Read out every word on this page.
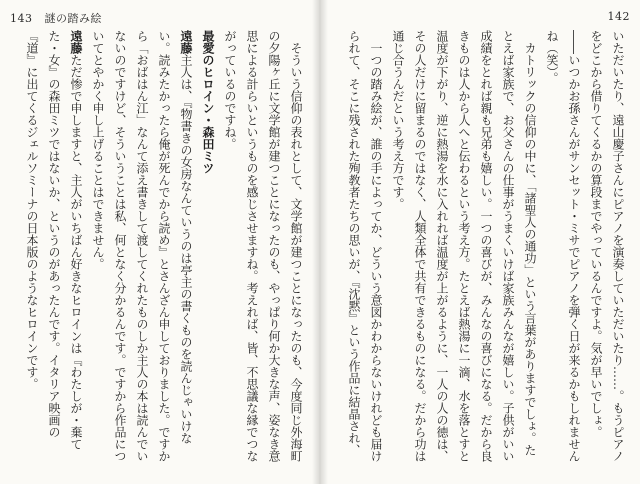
143 謎の踏み絵

そういう信仰の表れとして、文学館が建つことになったのも、今度同じ外海町の夕陽ヶ丘に文学館が建つことになったのも、やっぱり何か大きな声、姿なき意思による計らいというものを感じさせますね。考えれば、皆、不思議な縁でつながっているのですね。

最愛のヒロイン・森田ミツ

遠藤主人は、『物書きの女房なんていうのは亭主の書くものを読んじゃいけない。読みたかったら俺が死んでから読め』とさんざん申しておりました。ですから「おばはん江」なんて添え書きして渡してくれたものしか主人の本は読んでいないのですけど、そういうことは私、何となく分かるんです。ですから作品についてとやかく申し上げることはできません。

遠藤ただ惨で申しますと、主人がいちばん好きなヒロインは『わたしが・棄てた・女』の森田ミツではないか、というのがあったんです。イタリア映画の『道』に出てくるジェルソミーナの日本版のようなヒロインです。

142

いただいたり、遠山慶子さんにピアノを演奏していただいたり……。もうピアノをどこから借りてくるかの算段までやっているんですよ。気が早いでしょ。

――いつかお孫さんがサンセット・ミサでピアノを弾く日が来るかもしれませんね（笑）。

カトリックの信仰の中に、「諸聖人の通功」という言葉がありますでしょ。たとえば家族で、お父さんの仕事がうまくいけば家族みんなが嬉しい。子供がいい成績をとれば親も兄弟も嬉しい。一つの喜びが、みんなの喜びになる。だから良きものは人から人へと伝わるという考え方。たとえば熱湯に一滴、水を落とすと温度が下がり、逆に熱湯を水に入れれば温度が上がるように、一人の人の徳は、その人だけに留まるのではなく、人類全体で共有できるものになる。だから功は通じ合うんだという考え方です。

一つの踏み絵が、誰の手によってか、どういう意図かわからないけれども届けられて、そこに残された殉教者たちの思いが、『沈黙』という作品に結晶され、
